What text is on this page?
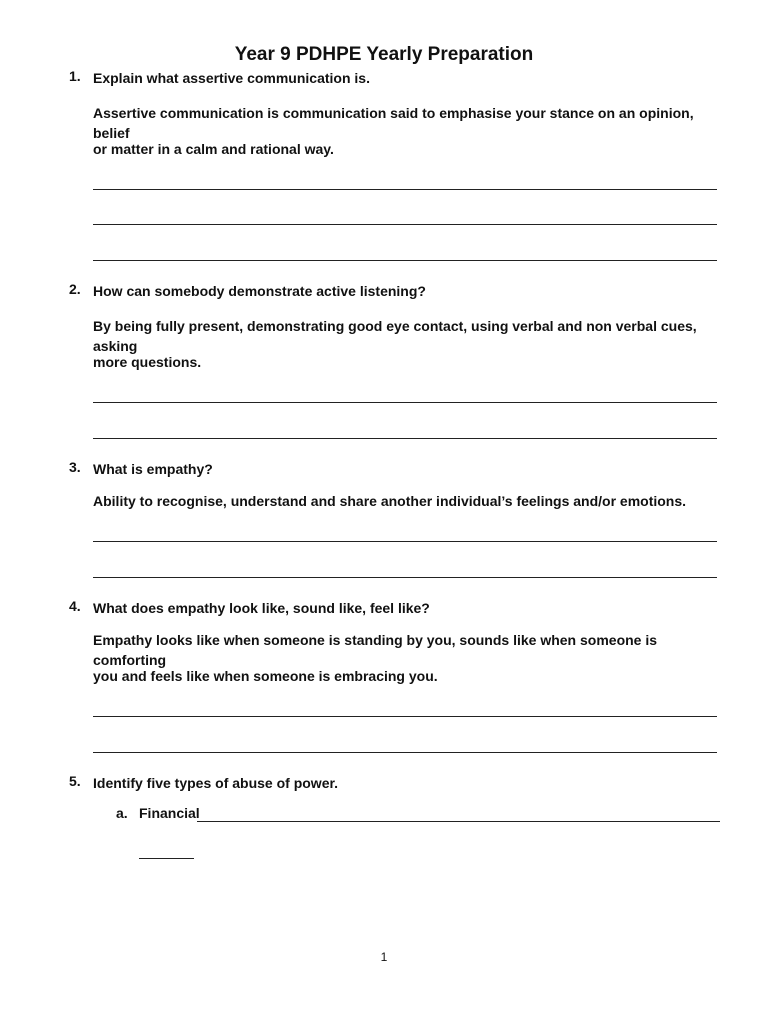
Year 9 PDHPE Yearly Preparation
1. Explain what assertive communication is.
Assertive communication is communication said to emphasise your stance on an opinion, belief
or matter in a calm and rational way.
2. How can somebody demonstrate active listening?
By being fully present, demonstrating good eye contact, using verbal and non verbal cues, asking
more questions.
3. What is empathy?
Ability to recognise, understand and share another individual’s feelings and/or emotions.
4. What does empathy look like, sound like, feel like?
Empathy looks like when someone is standing by you, sounds like when someone is comforting
you and feels like when someone is embracing you.
5. Identify five types of abuse of power.
a. Financial
1
